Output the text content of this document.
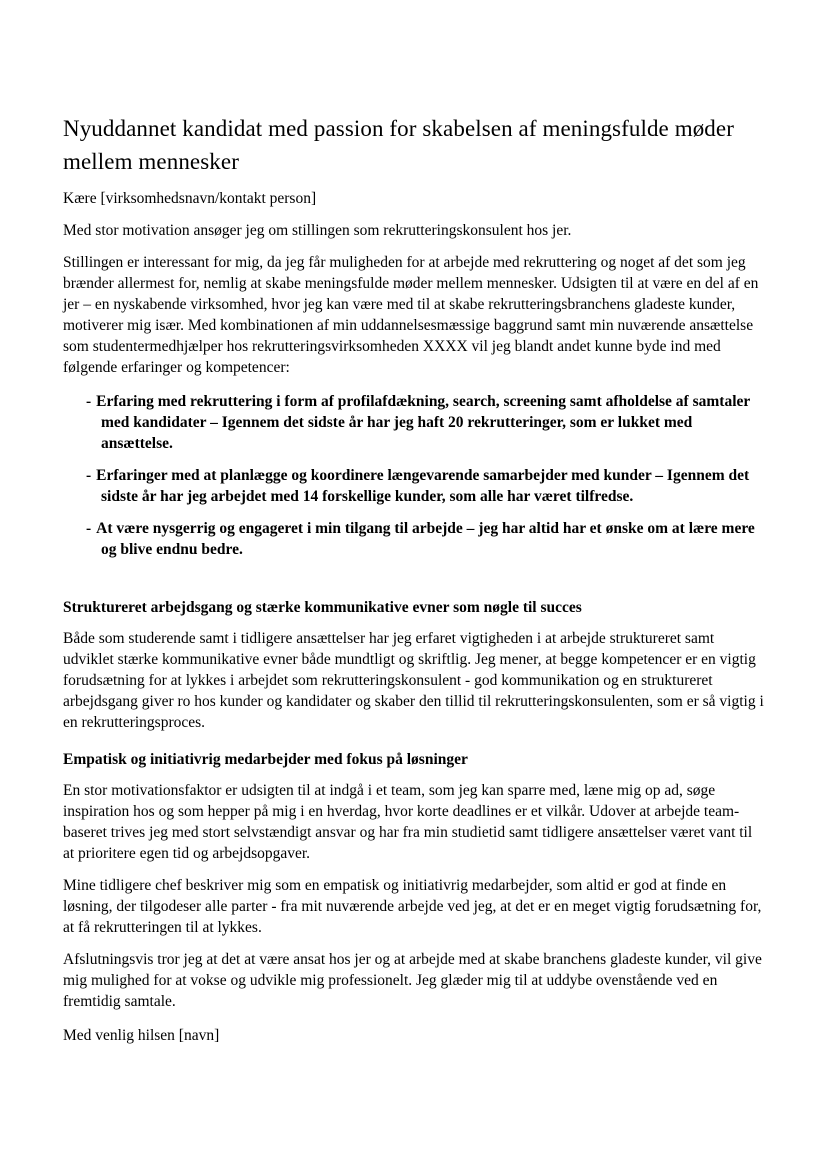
Nyuddannet kandidat med passion for skabelsen af meningsfulde møder mellem mennesker

Kære [virksomhedsnavn/kontakt person]

Med stor motivation ansøger jeg om stillingen som rekrutteringskonsulent hos jer.

Stillingen er interessant for mig, da jeg får muligheden for at arbejde med rekruttering og noget af det som jeg brænder allermest for, nemlig at skabe meningsfulde møder mellem mennesker. Udsigten til at være en del af en jer – en nyskabende virksomhed, hvor jeg kan være med til at skabe rekrutteringsbranchens gladeste kunder, motiverer mig især. Med kombinationen af min uddannelsesmæssige baggrund samt min nuværende ansættelse som studentermedhjælper hos rekrutteringsvirksomheden XXXX vil jeg blandt andet kunne byde ind med følgende erfaringer og kompetencer:

- Erfaring med rekruttering i form af profilafdækning, search, screening samt afholdelse af samtaler med kandidater – Igennem det sidste år har jeg haft 20 rekrutteringer, som er lukket med ansættelse.
- Erfaringer med at planlægge og koordinere længevarende samarbejder med kunder – Igennem det sidste år har jeg arbejdet med 14 forskellige kunder, som alle har været tilfredse.
- At være nysgerrig og engageret i min tilgang til arbejde – jeg har altid har et ønske om at lære mere og blive endnu bedre.
Struktureret arbejdsgang og stærke kommunikative evner som nøgle til succes

Både som studerende samt i tidligere ansættelser har jeg erfaret vigtigheden i at arbejde struktureret samt udviklet stærke kommunikative evner både mundtligt og skriftlig. Jeg mener, at begge kompetencer er en vigtig forudsætning for at lykkes i arbejdet som rekrutteringskonsulent - god kommunikation og en struktureret arbejdsgang giver ro hos kunder og kandidater og skaber den tillid til rekrutteringskonsulenten, som er så vigtig i en rekrutteringsproces.

Empatisk og initiativrig medarbejder med fokus på løsninger

En stor motivationsfaktor er udsigten til at indgå i et team, som jeg kan sparre med, læne mig op ad, søge inspiration hos og som hepper på mig i en hverdag, hvor korte deadlines er et vilkår. Udover at arbejde team-baseret trives jeg med stort selvstændigt ansvar og har fra min studietid samt tidligere ansættelser været vant til at prioritere egen tid og arbejdsopgaver.

Mine tidligere chef beskriver mig som en empatisk og initiativrig medarbejder, som altid er god at finde en løsning, der tilgodeser alle parter - fra mit nuværende arbejde ved jeg, at det er en meget vigtig forudsætning for, at få rekrutteringen til at lykkes.

Afslutningsvis tror jeg at det at være ansat hos jer og at arbejde med at skabe branchens gladeste kunder, vil give mig mulighed for at vokse og udvikle mig professionelt. Jeg glæder mig til at uddybe ovenstående ved en fremtidig samtale.

Med venlig hilsen [navn]
